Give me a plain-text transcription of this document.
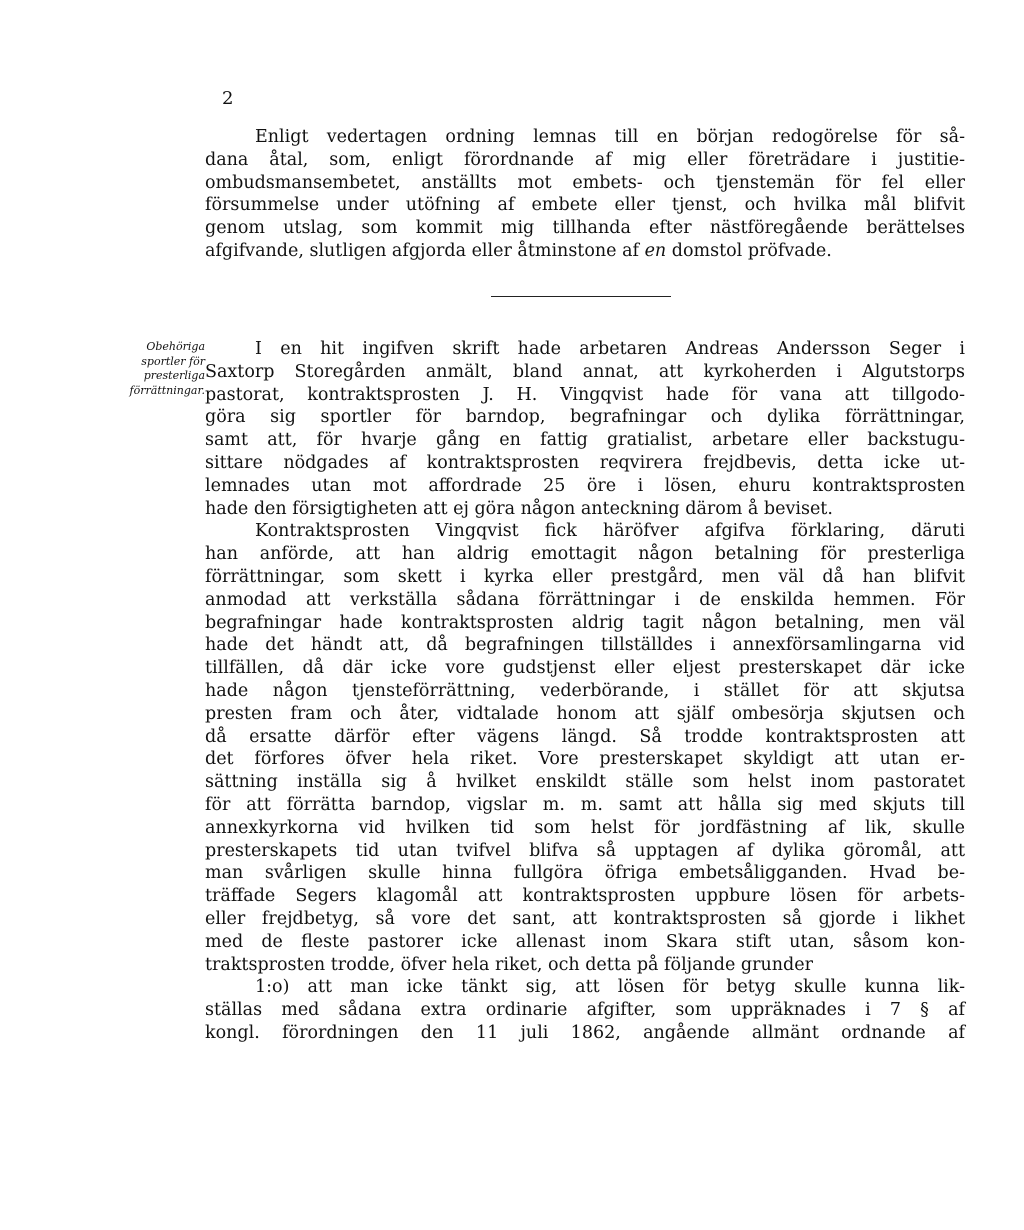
2
Enligt vedertagen ordning lemnas till en början redogörelse för så-
dana åtal, som, enligt förordnande af mig eller företrädare i justitie-
ombudsmansembetet, anställts mot embets- och tjenstemän för fel eller
försummelse under utöfning af embete eller tjenst, och hvilka mål blifvit
genom utslag, som kommit mig tillhanda efter nästföregående berättelses
afgifvande, slutligen afgjorda eller åtminstone af en domstol pröfvade.
Obehöriga
sportler för
presterliga
förrättningar.
I en hit ingifven skrift hade arbetaren Andreas Andersson Seger i
Saxtorp Storegården anmält, bland annat, att kyrkoherden i Algutstorps
pastorat, kontraktsprosten J. H. Vingqvist hade för vana att tillgodo-
göra sig sportler för barndop, begrafningar och dylika förrättningar,
samt att, för hvarje gång en fattig gratialist, arbetare eller backstugu-
sittare nödgades af kontraktsprosten reqvirera frejdbevis, detta icke ut-
lemnades utan mot affordrade 25 öre i lösen, ehuru kontraktsprosten
hade den försigtigheten att ej göra någon anteckning därom å beviset.
Kontraktsprosten Vingqvist fick häröfver afgifva förklaring, däruti
han anförde, att han aldrig emottagit någon betalning för presterliga
förrättningar, som skett i kyrka eller prestgård, men väl då han blifvit
anmodad att verkställa sådana förrättningar i de enskilda hemmen. För
begrafningar hade kontraktsprosten aldrig tagit någon betalning, men väl
hade det händt att, då begrafningen tillställdes i annexförsamlingarna vid
tillfällen, då där icke vore gudstjenst eller eljest presterskapet där icke
hade någon tjensteförrättning, vederbörande, i stället för att skjutsa
presten fram och åter, vidtalade honom att själf ombesörja skjutsen och
då ersatte därför efter vägens längd. Så trodde kontraktsprosten att
det förfores öfver hela riket. Vore presterskapet skyldigt att utan er-
sättning inställa sig å hvilket enskildt ställe som helst inom pastoratet
för att förrätta barndop, vigslar m. m. samt att hålla sig med skjuts till
annexkyrkorna vid hvilken tid som helst för jordfästning af lik, skulle
presterskapets tid utan tvifvel blifva så upptagen af dylika göromål, att
man svårligen skulle hinna fullgöra öfriga embetsåligganden. Hvad be-
träffade Segers klagomål att kontraktsprosten uppbure lösen för arbets-
eller frejdbetyg, så vore det sant, att kontraktsprosten så gjorde i likhet
med de fleste pastorer icke allenast inom Skara stift utan, såsom kon-
traktsprosten trodde, öfver hela riket, och detta på följande grunder
1:o) att man icke tänkt sig, att lösen för betyg skulle kunna lik-
ställas med sådana extra ordinarie afgifter, som uppräknades i 7 § af
kongl. förordningen den 11 juli 1862, angående allmänt ordnande af
